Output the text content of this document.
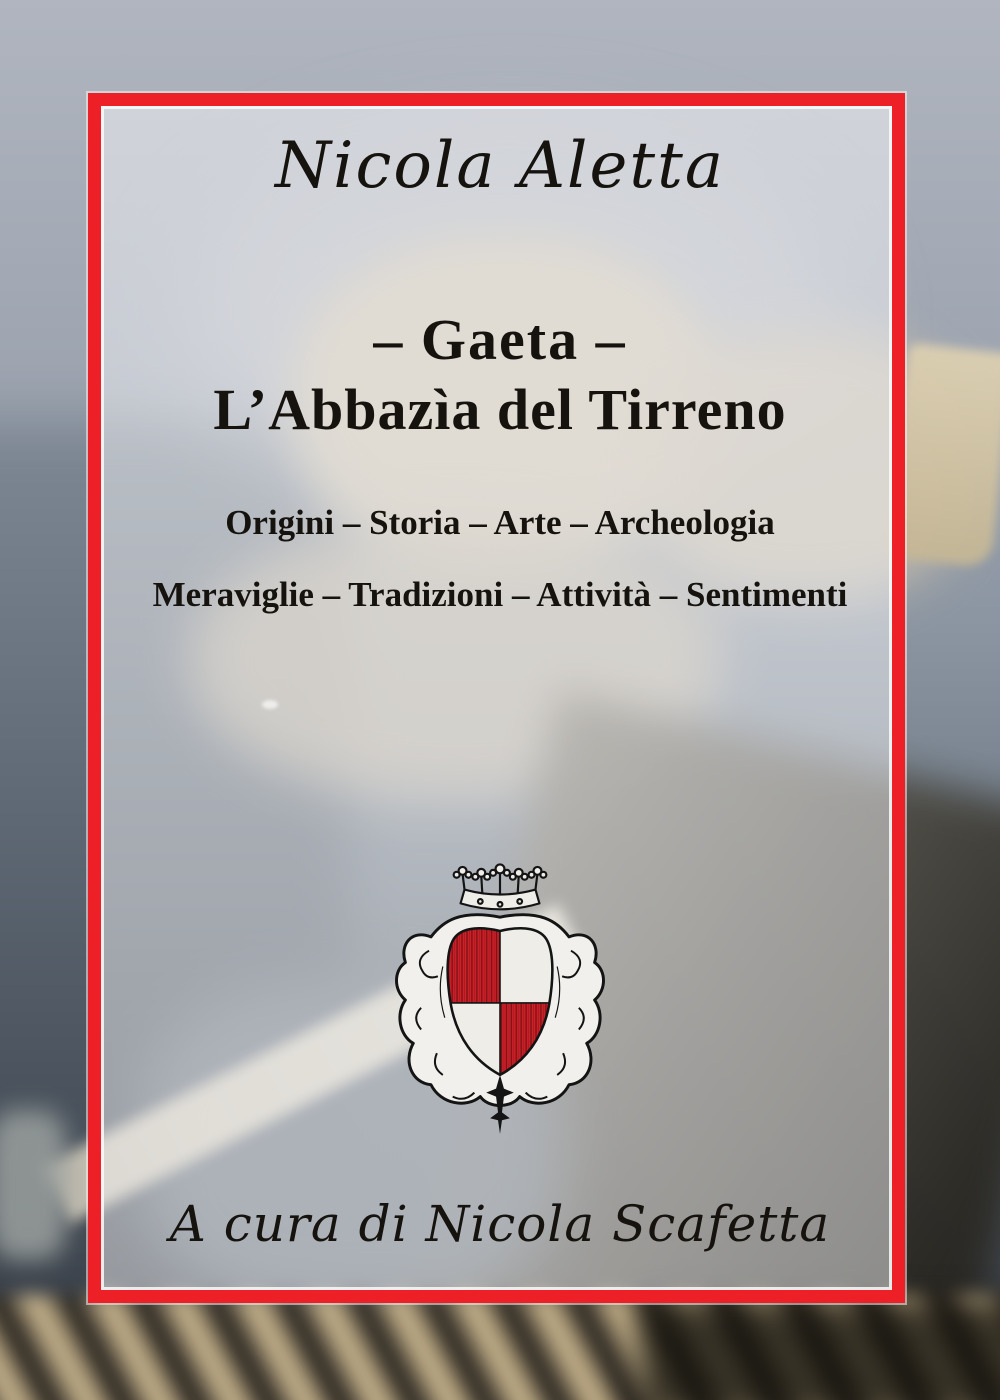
Nicola Aletta
– Gaeta –
L’Abbazìa del Tirreno
Origini – Storia – Arte – Archeologia
Meraviglie – Tradizioni – Attività – Sentimenti
A cura di Nicola Scafetta
